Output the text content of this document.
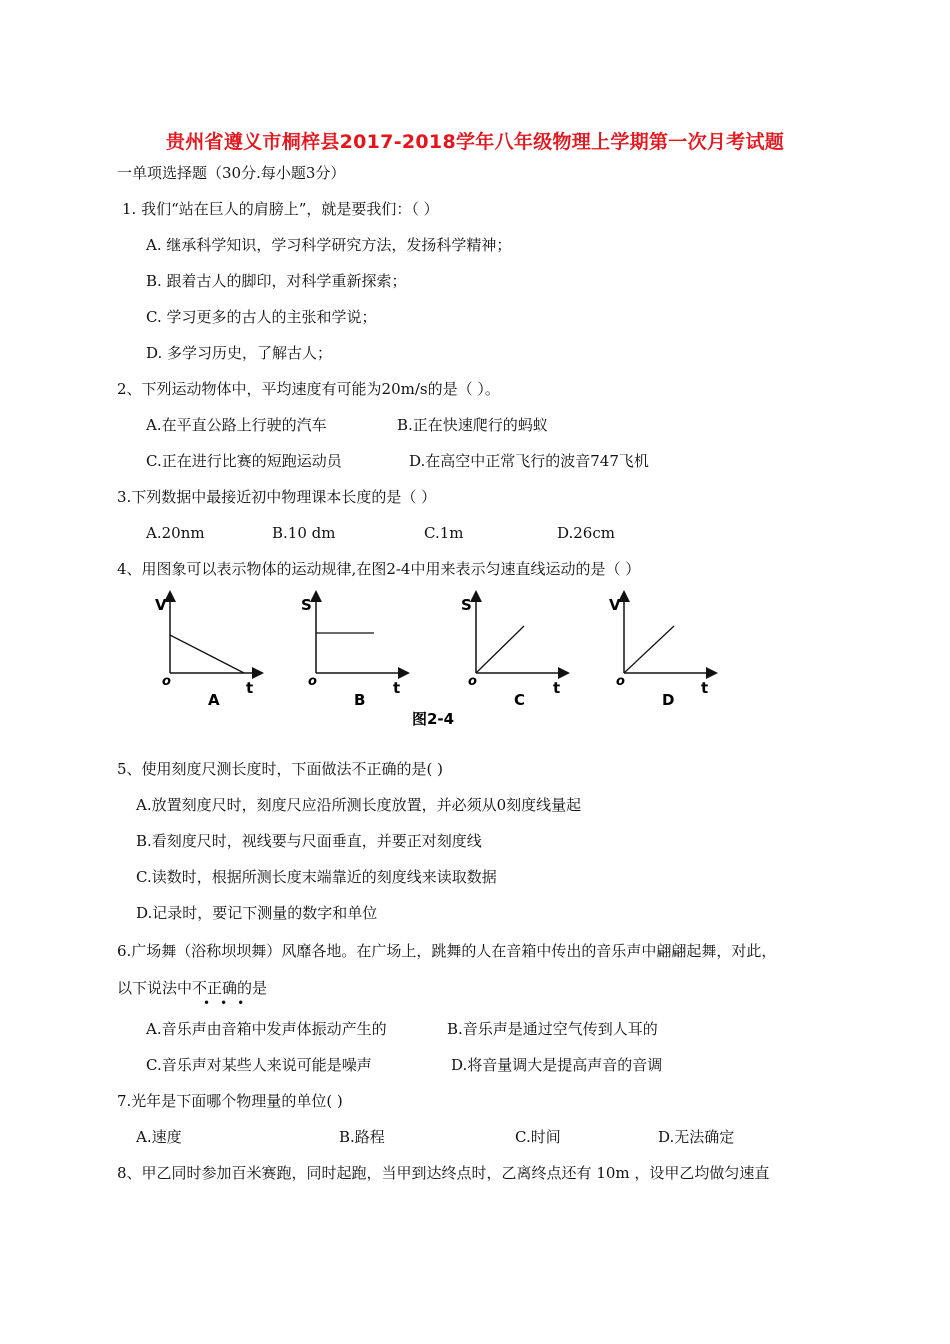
贵州省遵义市桐梓县2017-2018学年八年级物理上学期第一次月考试题
一单项选择题（30分.每小题3分）
1. 我们“站在巨人的肩膀上”，就是要我们：（ ）
A. 继承科学知识，学习科学研究方法，发扬科学精神；
B. 跟着古人的脚印，对科学重新探索；
C. 学习更多的古人的主张和学说；
D. 多学习历史，了解古人；
2、下列运动物体中，平均速度有可能为20m/s的是（ ）。
A.在平直公路上行驶的汽车	B.正在快速爬行的蚂蚁
C.正在进行比赛的短跑运动员	D.在高空中正常飞行的波音747飞机
3.下列数据中最接近初中物理课本长度的是（ ）
A.20nm	B.10 dm	C.1m	D.26cm
4、用图象可以表示物体的运动规律,在图2-4中用来表示匀速直线运动的是（ ）
V
o	t
A
S
o	t
B
S
o	t
C
V
o	t
D
图2-4
5、使用刻度尺测长度时，下面做法不正确的是( )
A.放置刻度尺时，刻度尺应沿所测长度放置，并必须从0刻度线量起
B.看刻度尺时，视线要与尺面垂直，并要正对刻度线
C.读数时，根据所测长度末端靠近的刻度线来读取数据
D.记录时，要记下测量的数字和单位
6.广场舞（浴称坝坝舞）风靡各地。在广场上，跳舞的人在音箱中传出的音乐声中翩翩起舞，对此，
以下说法中不正确的是
•••
A.音乐声由音箱中发声体振动产生的	B.音乐声是通过空气传到人耳的
C.音乐声对某些人来说可能是噪声	D.将音量调大是提高声音的音调
7.光年是下面哪个物理量的单位( )
A.速度	B.路程	C.时间	D.无法确定
8、甲乙同时参加百米赛跑，同时起跑，当甲到达终点时，乙离终点还有 10m ，设甲乙均做匀速直
